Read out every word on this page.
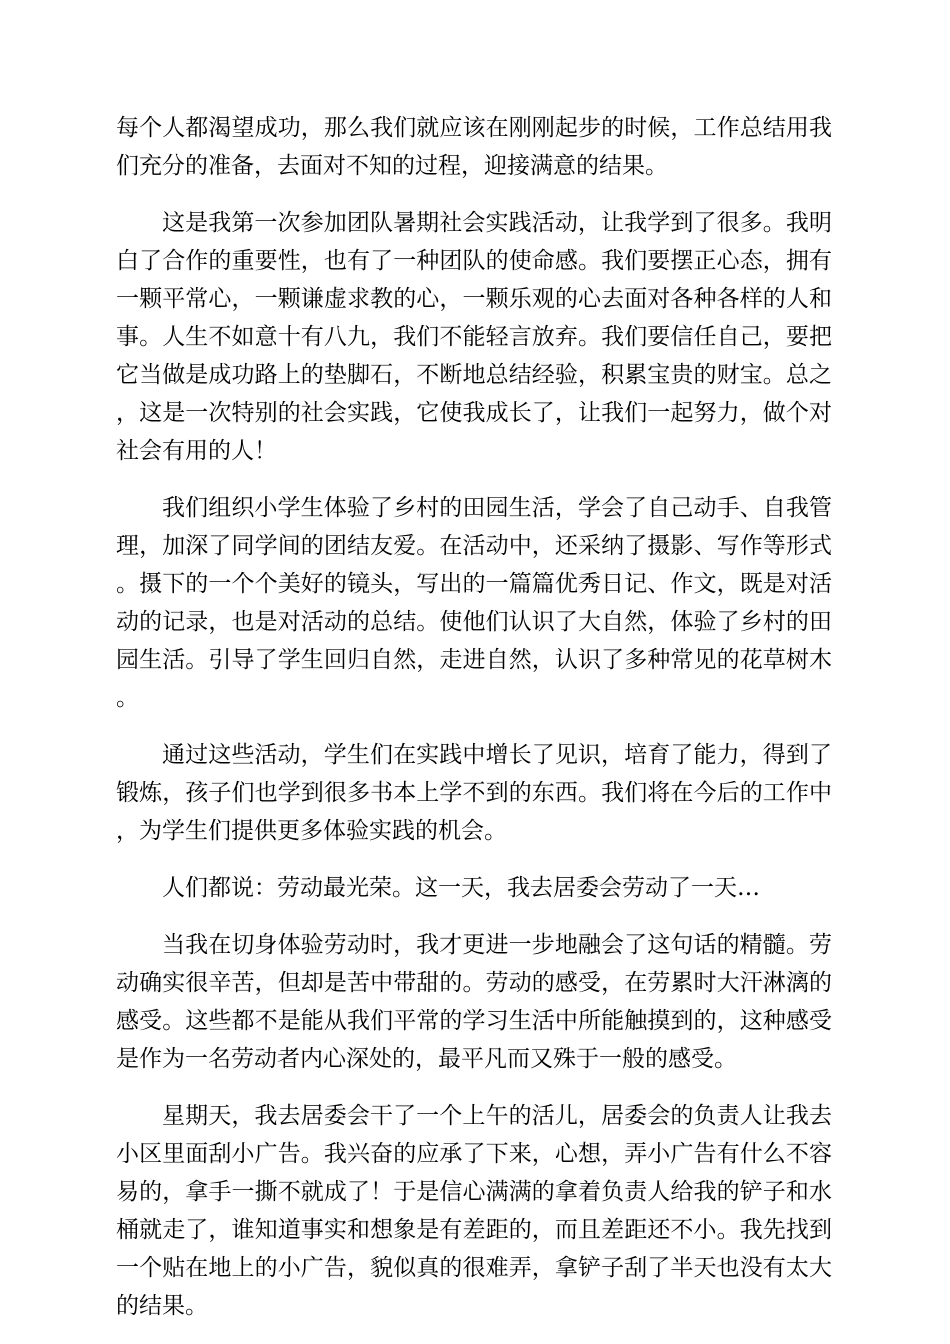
每个人都渴望成功，那么我们就应该在刚刚起步的时候，工作总结用我们充分的准备，去面对不知的过程，迎接满意的结果。

这是我第一次参加团队暑期社会实践活动，让我学到了很多。我明白了合作的重要性，也有了一种团队的使命感。我们要摆正心态，拥有一颗平常心，一颗谦虚求教的心，一颗乐观的心去面对各种各样的人和事。人生不如意十有八九，我们不能轻言放弃。我们要信任自己，要把它当做是成功路上的垫脚石，不断地总结经验，积累宝贵的财宝。总之，这是一次特别的社会实践，它使我成长了，让我们一起努力，做个对社会有用的人！

我们组织小学生体验了乡村的田园生活，学会了自己动手、自我管理，加深了同学间的团结友爱。在活动中，还采纳了摄影、写作等形式。摄下的一个个美好的镜头，写出的一篇篇优秀日记、作文，既是对活动的记录，也是对活动的总结。使他们认识了大自然，体验了乡村的田园生活。引导了学生回归自然，走进自然，认识了多种常见的花草树木。

通过这些活动，学生们在实践中增长了见识，培育了能力，得到了锻炼，孩子们也学到很多书本上学不到的东西。我们将在今后的工作中，为学生们提供更多体验实践的机会。

人们都说：劳动最光荣。这一天，我去居委会劳动了一天…

当我在切身体验劳动时，我才更进一步地融会了这句话的精髓。劳动确实很辛苦，但却是苦中带甜的。劳动的感受，在劳累时大汗淋漓的感受。这些都不是能从我们平常的学习生活中所能触摸到的，这种感受是作为一名劳动者内心深处的，最平凡而又殊于一般的感受。

星期天，我去居委会干了一个上午的活儿，居委会的负责人让我去小区里面刮小广告。我兴奋的应承了下来，心想，弄小广告有什么不容易的，拿手一撕不就成了！于是信心满满的拿着负责人给我的铲子和水桶就走了，谁知道事实和想象是有差距的，而且差距还不小。我先找到一个贴在地上的小广告，貌似真的很难弄，拿铲子刮了半天也没有太大的结果。
